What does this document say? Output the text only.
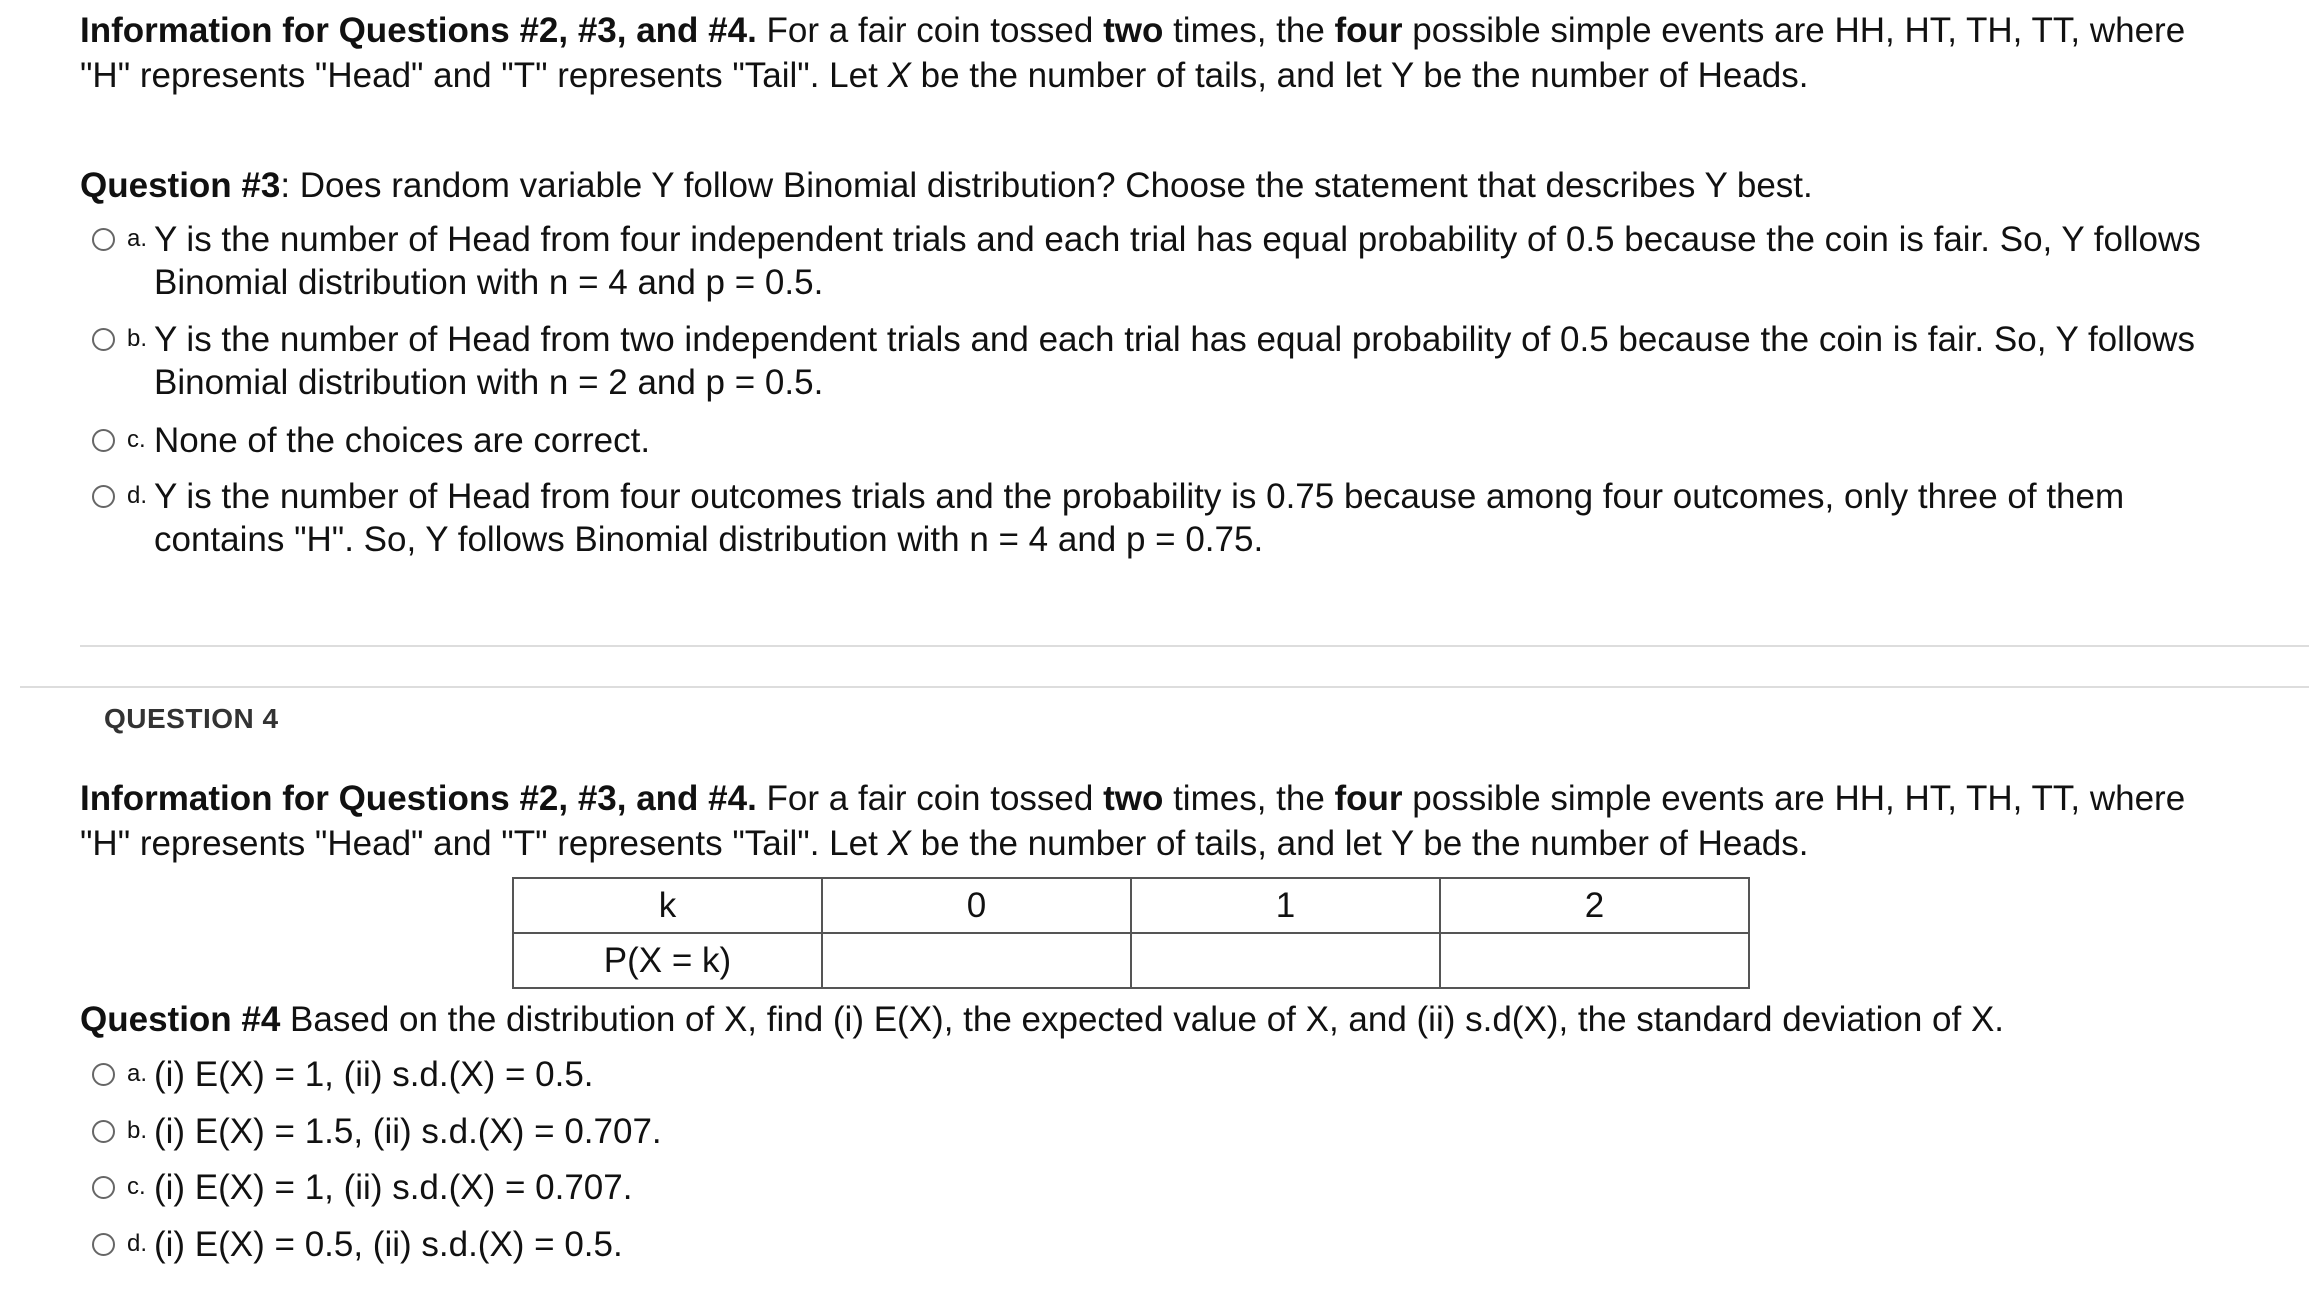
Information for Questions #2, #3, and #4. For a fair coin tossed two times, the four possible simple events are HH, HT, TH, TT, where "H" represents "Head" and "T" represents "Tail". Let X be the number of tails, and let Y be the number of Heads.

Question #3: Does random variable Y follow Binomial distribution? Choose the statement that describes Y best.

a. Y is the number of Head from four independent trials and each trial has equal probability of 0.5 because the coin is fair. So, Y follows Binomial distribution with n = 4 and p = 0.5.
b. Y is the number of Head from two independent trials and each trial has equal probability of 0.5 because the coin is fair. So, Y follows Binomial distribution with n = 2 and p = 0.5.
c. None of the choices are correct.
d. Y is the number of Head from four outcomes trials and the probability is 0.75 because among four outcomes, only three of them contains "H". So, Y follows Binomial distribution with n = 4 and p = 0.75.
QUESTION 4

Information for Questions #2, #3, and #4. For a fair coin tossed two times, the four possible simple events are HH, HT, TH, TT, where "H" represents "Head" and "T" represents "Tail". Let X be the number of tails, and let Y be the number of Heads.

k	0	1	2
P(X = k)			

Question #4 Based on the distribution of X, find (i) E(X), the expected value of X, and (ii) s.d(X), the standard deviation of X.

a. (i) E(X) = 1, (ii) s.d.(X) = 0.5.
b. (i) E(X) = 1.5, (ii) s.d.(X) = 0.707.
c. (i) E(X) = 1, (ii) s.d.(X) = 0.707.
d. (i) E(X) = 0.5, (ii) s.d.(X) = 0.5.
